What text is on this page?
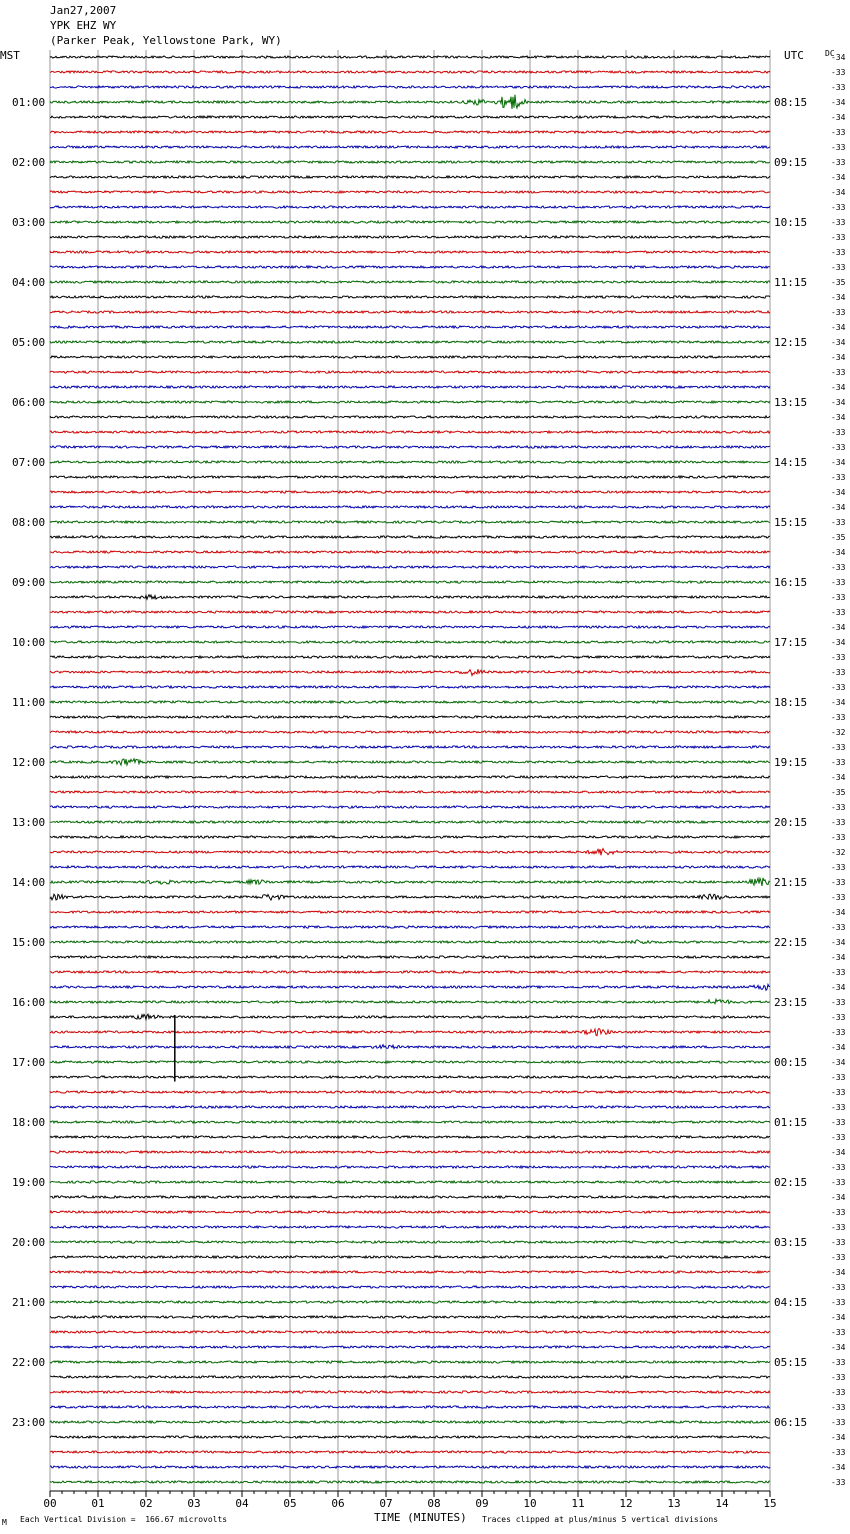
Jan27,2007
YPK EHZ WY
(Parker Peak, Yellowstone Park, WY)
MST	UTC	DC
01:00
02:00
03:00
04:00
05:00
06:00
07:00
08:00
09:00
10:00
11:00
12:00
13:00
14:00
15:00
16:00
17:00
18:00
19:00
20:00
21:00
22:00
23:00
08:15
09:15
10:15
11:15
12:15
13:15
14:15
15:15
16:15
17:15
18:15
19:15
20:15
21:15
22:15
23:15
00:15
01:15
02:15
03:15
04:15
05:15
06:15
-34
-33
-33
-34
-34
-33
-33
-33
-34
-34
-33
-33
-33
-33
-33
-35
-34
-33
-34
-34
-34
-33
-34
-34
-34
-33
-33
-34
-33
-34
-34
-33
-35
-34
-33
-33
-33
-33
-34
-34
-33
-33
-33
-34
-33
-32
-33
-33
-34
-35
-33
-33
-33
-32
-33
-33
-33
-34
-33
-34
-34
-33
-34
-33
-33
-33
-34
-34
-33
-33
-33
-33
-33
-34
-33
-33
-34
-33
-33
-33
-33
-34
-33
-33
-34
-33
-34
-33
-33
-33
-33
-33
-34
-33
-34
-33
00	01	02	03	04	05	06	07	08	09	10	11	12	13	14	15
M Each Vertical Division =  166.67 microvolts	TIME (MINUTES) Traces clipped at plus/minus 5 vertical divisions
